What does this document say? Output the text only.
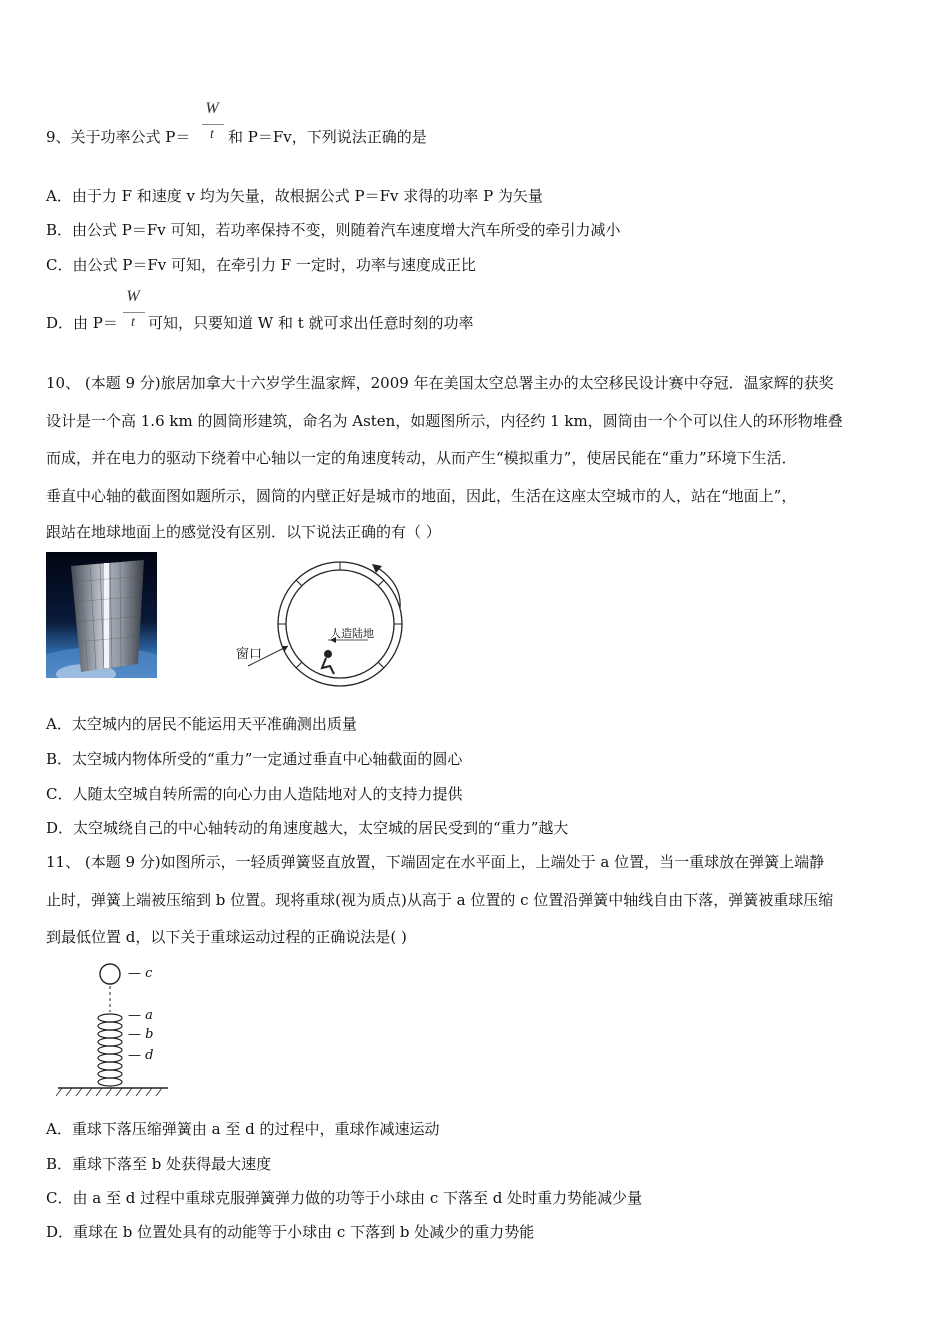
W
t
9、关于功率公式 P＝	和 P＝Fv，下列说法正确的是
A．由于力 F 和速度 v 均为矢量，故根据公式 P＝Fv 求得的功率 P 为矢量
B．由公式 P＝Fv 可知，若功率保持不变，则随着汽车速度增大汽车所受的牵引力减小
C．由公式 P＝Fv 可知，在牵引力 F 一定时，功率与速度成正比
W
t
D．由 P＝ 可知，只要知道 W 和 t 就可求出任意时刻的功率
10、 (本题 9 分)旅居加拿大十六岁学生温家辉，2009 年在美国太空总署主办的太空移民设计赛中夺冠．温家辉的获奖
设计是一个高 1.6 km 的圆筒形建筑，命名为 Asten，如题图所示，内径约 1 km，圆筒由一个个可以住人的环形物堆叠
而成，并在电力的驱动下绕着中心轴以一定的角速度转动，从而产生“模拟重力”，使居民能在“重力”环境下生活．
垂直中心轴的截面图如题所示，圆筒的内壁正好是城市的地面，因此，生活在这座太空城市的人，站在“地面上”，
跟站在地球地面上的感觉没有区别．以下说法正确的有（ ）
窗口
人造陆地
A．太空城内的居民不能运用天平准确测出质量
B．太空城内物体所受的“重力”一定通过垂直中心轴截面的圆心
C．人随太空城自转所需的向心力由人造陆地对人的支持力提供
D．太空城绕自己的中心轴转动的角速度越大，太空城的居民受到的“重力”越大
11、 (本题 9 分)如图所示，一轻质弹簧竖直放置，下端固定在水平面上，上端处于 a 位置，当一重球放在弹簧上端静
止时，弹簧上端被压缩到 b 位置。现将重球(视为质点)从高于 a 位置的 c 位置沿弹簧中轴线自由下落，弹簧被重球压缩
到最低位置 d，以下关于重球运动过程的正确说法是( )
— c
— a
— b
— d
A．重球下落压缩弹簧由 a 至 d 的过程中，重球作减速运动
B．重球下落至 b 处获得最大速度
C．由 a 至 d 过程中重球克服弹簧弹力做的功等于小球由 c 下落至 d 处时重力势能减少量
D．重球在 b 位置处具有的动能等于小球由 c 下落到 b 处减少的重力势能
